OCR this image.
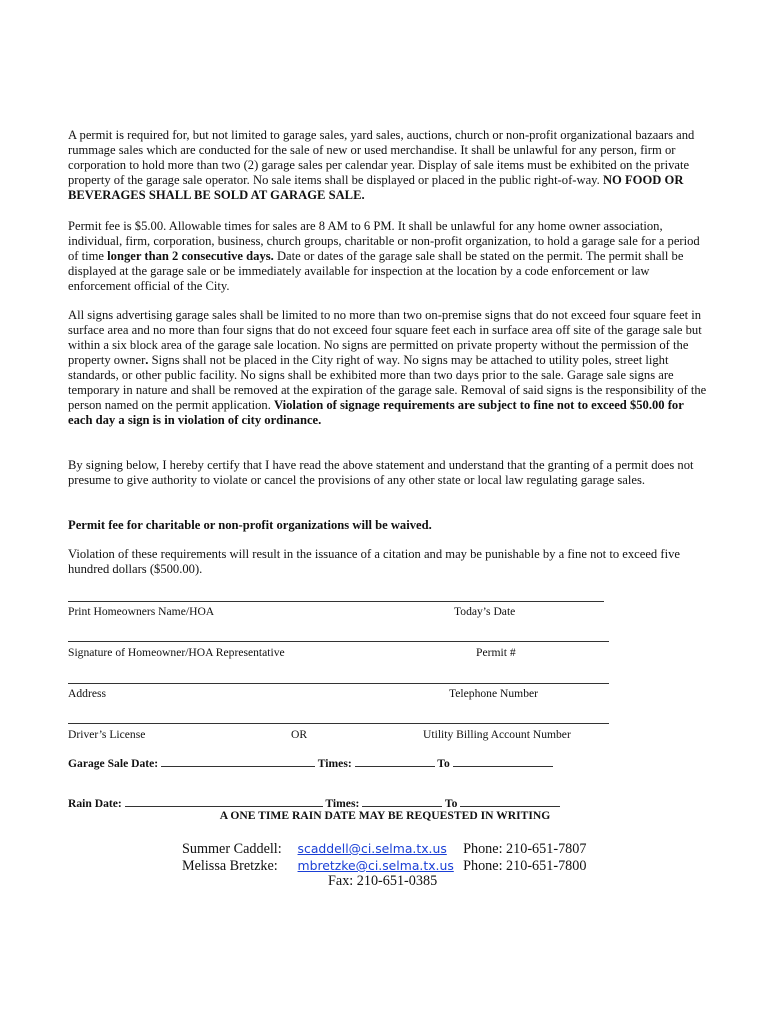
A permit is required for, but not limited to garage sales, yard sales, auctions, church or non-profit organizational bazaars and rummage sales which are conducted for the sale of new or used merchandise. It shall be unlawful for any person, firm or corporation to hold more than two (2) garage sales per calendar year. Display of sale items must be exhibited on the private property of the garage sale operator. No sale items shall be displayed or placed in the public right-of-way. NO FOOD OR BEVERAGES SHALL BE SOLD AT GARAGE SALE.

Permit fee is $5.00. Allowable times for sales are 8 AM to 6 PM. It shall be unlawful for any home owner association, individual, firm, corporation, business, church groups, charitable or non-profit organization, to hold a garage sale for a period of time longer than 2 consecutive days. Date or dates of the garage sale shall be stated on the permit. The permit shall be displayed at the garage sale or be immediately available for inspection at the location by a code enforcement or law enforcement official of the City.

All signs advertising garage sales shall be limited to no more than two on-premise signs that do not exceed four square feet in surface area and no more than four signs that do not exceed four square feet each in surface area off site of the garage sale but within a six block area of the garage sale location. No signs are permitted on private property without the permission of the property owner. Signs shall not be placed in the City right of way. No signs may be attached to utility poles, street light standards, or other public facility. No signs shall be exhibited more than two days prior to the sale. Garage sale signs are temporary in nature and shall be removed at the expiration of the garage sale. Removal of said signs is the responsibility of the person named on the permit application. Violation of signage requirements are subject to fine not to exceed $50.00 for each day a sign is in violation of city ordinance.

By signing below, I hereby certify that I have read the above statement and understand that the granting of a permit does not presume to give authority to violate or cancel the provisions of any other state or local law regulating garage sales.

Permit fee for charitable or non-profit organizations will be waived.

Violation of these requirements will result in the issuance of a citation and may be punishable by a fine not to exceed five hundred dollars ($500.00).

Print Homeowners Name/HOA	Today’s Date
Signature of Homeowner/HOA Representative	Permit #
Address	Telephone Number
Driver’s License	OR	Utility Billing Account Number
Garage Sale Date:	Times:	To
Rain Date:	Times:	To
A ONE TIME RAIN DATE MAY BE REQUESTED IN WRITING
Summer Caddell: scaddell@ci.selma.tx.us Phone: 210-651-7807
Melissa Bretzke: mbretzke@ci.selma.tx.us Phone: 210-651-7800
Fax: 210-651-0385
